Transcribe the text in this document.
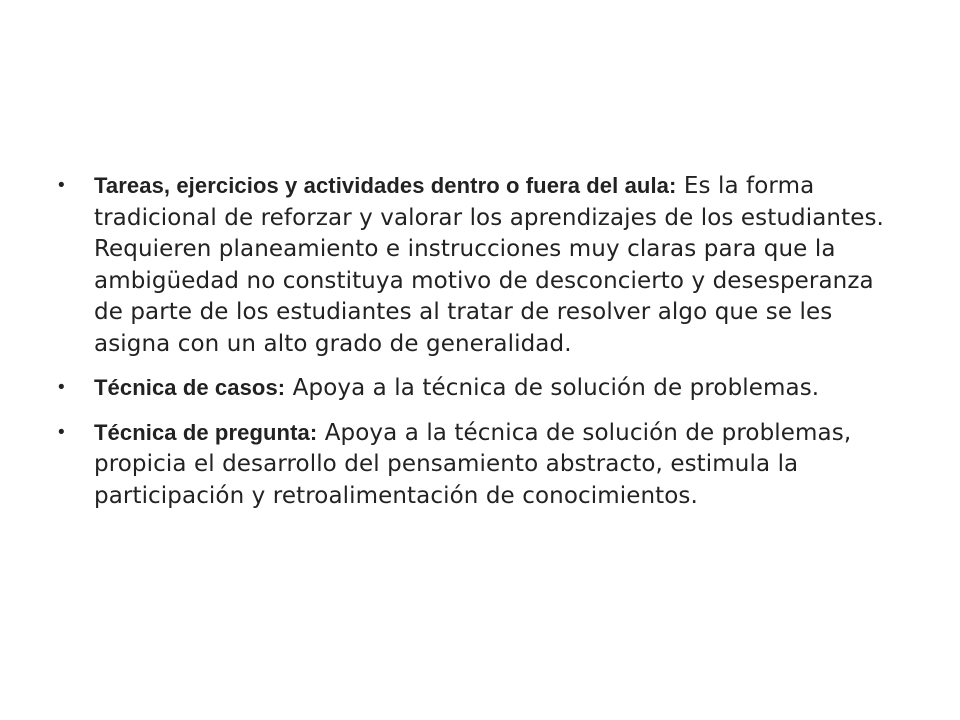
•	Tareas, ejercicios y actividades dentro o fuera del aula: Es la forma tradicional de reforzar y valorar los aprendizajes de los estudiantes. Requieren planeamiento e instrucciones muy claras para que la ambigüedad no constituya motivo de desconcierto y desesperanza de parte de los estudiantes al tratar de resolver algo que se les asigna con un alto grado de generalidad.
•	Técnica de casos: Apoya a la técnica de solución de problemas.
•	Técnica de pregunta: Apoya a la técnica de solución de problemas, propicia el desarrollo del pensamiento abstracto, estimula la participación y retroalimentación de conocimientos.
